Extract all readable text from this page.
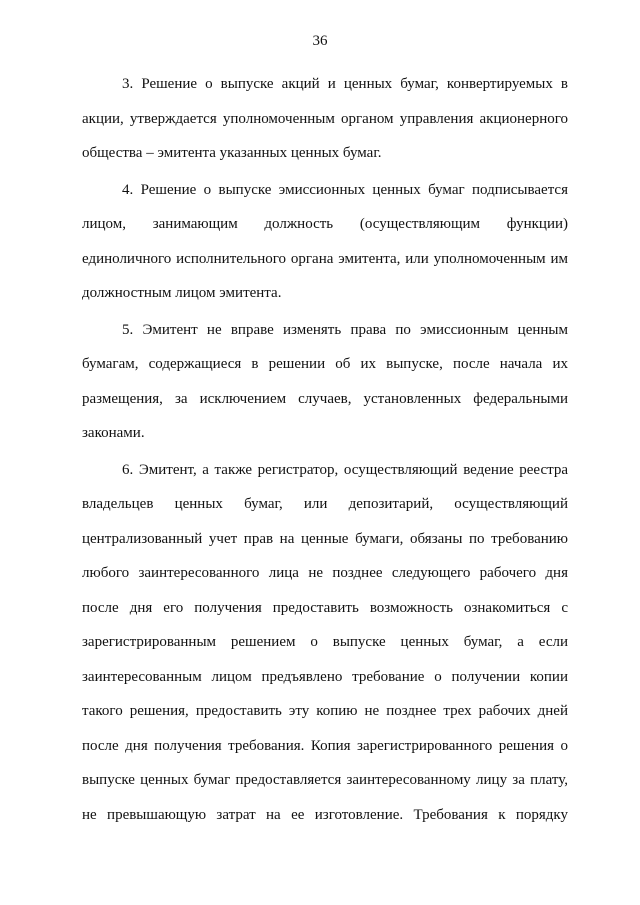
36
3. Решение о выпуске акций и ценных бумаг, конвертируемых в
акции, утверждается уполномоченным органом управления акционерного
общества – эмитента указанных ценных бумаг.
4. Решение о выпуске эмиссионных ценных бумаг подписывается
лицом, занимающим должность (осуществляющим функции)
единоличного исполнительного органа эмитента, или уполномоченным им
должностным лицом эмитента.
5. Эмитент не вправе изменять права по эмиссионным ценным
бумагам, содержащиеся в решении об их выпуске, после начала их
размещения, за исключением случаев, установленных федеральными
законами.
6. Эмитент, а также регистратор, осуществляющий ведение реестра
владельцев ценных бумаг, или депозитарий, осуществляющий
централизованный учет прав на ценные бумаги, обязаны по требованию
любого заинтересованного лица не позднее следующего рабочего дня
после дня его получения предоставить возможность ознакомиться с
зарегистрированным решением о выпуске ценных бумаг, а если
заинтересованным лицом предъявлено требование о получении копии
такого решения, предоставить эту копию не позднее трех рабочих дней
после дня получения требования. Копия зарегистрированного решения о
выпуске ценных бумаг предоставляется заинтересованному лицу за плату,
не превышающую затрат на ее изготовление. Требования к порядку
